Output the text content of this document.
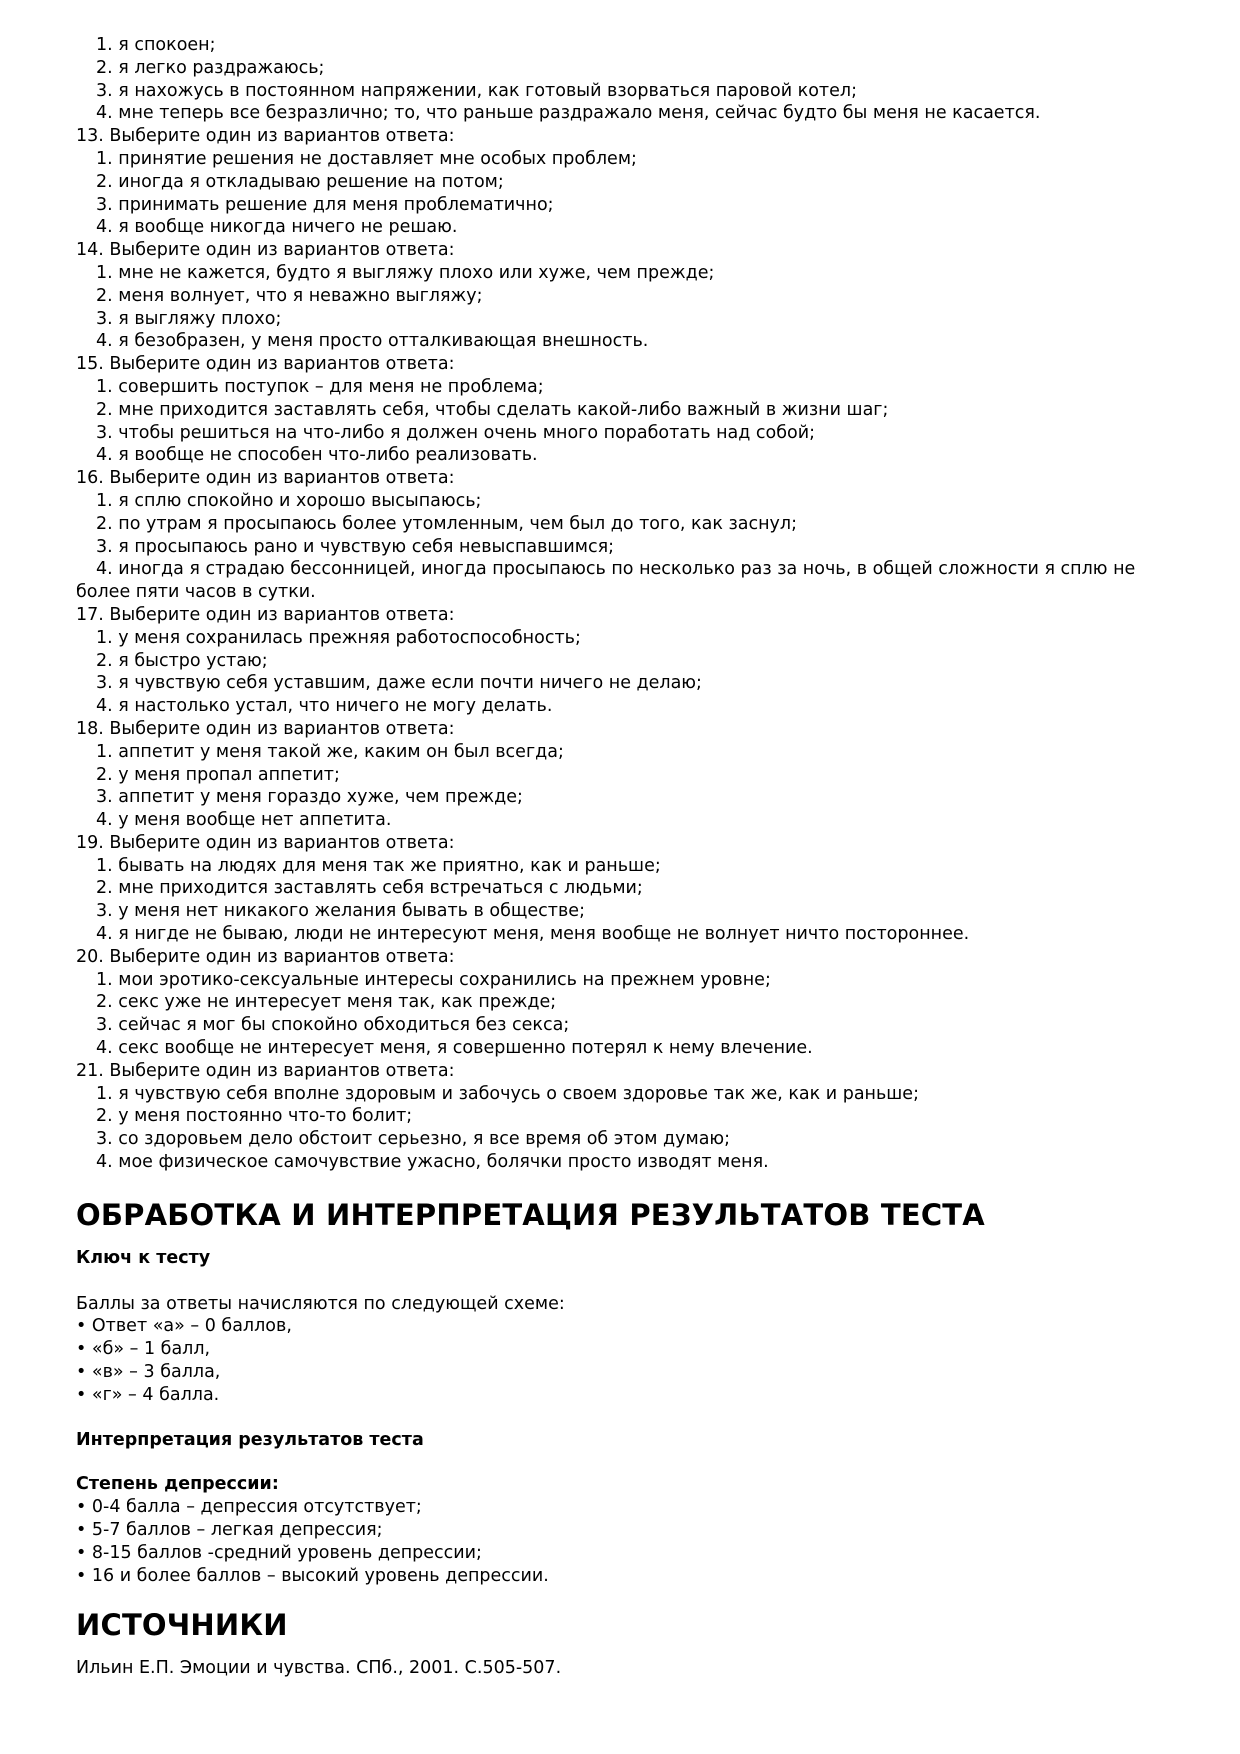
1. я спокоен;
2. я легко раздражаюсь;
3. я нахожусь в постоянном напряжении, как готовый взорваться паровой котел;
4. мне теперь все безразлично; то, что раньше раздражало меня, сейчас будто бы меня не касается.
13. Выберите один из вариантов ответа:
1. принятие решения не доставляет мне особых проблем;
2. иногда я откладываю решение на потом;
3. принимать решение для меня проблематично;
4. я вообще никогда ничего не решаю.
14. Выберите один из вариантов ответа:
1. мне не кажется, будто я выгляжу плохо или хуже, чем прежде;
2. меня волнует, что я неважно выгляжу;
3. я выгляжу плохо;
4. я безобразен, у меня просто отталкивающая внешность.
15. Выберите один из вариантов ответа:
1. совершить поступок – для меня не проблема;
2. мне приходится заставлять себя, чтобы сделать какой-либо важный в жизни шаг;
3. чтобы решиться на что-либо я должен очень много поработать над собой;
4. я вообще не способен что-либо реализовать.
16. Выберите один из вариантов ответа:
1. я сплю спокойно и хорошо высыпаюсь;
2. по утрам я просыпаюсь более утомленным, чем был до того, как заснул;
3. я просыпаюсь рано и чувствую себя невыспавшимся;
4. иногда я страдаю бессонницей, иногда просыпаюсь по несколько раз за ночь, в общей сложности я сплю не
более пяти часов в сутки.
17. Выберите один из вариантов ответа:
1. у меня сохранилась прежняя работоспособность;
2. я быстро устаю;
3. я чувствую себя уставшим, даже если почти ничего не делаю;
4. я настолько устал, что ничего не могу делать.
18. Выберите один из вариантов ответа:
1. аппетит у меня такой же, каким он был всегда;
2. у меня пропал аппетит;
3. аппетит у меня гораздо хуже, чем прежде;
4. у меня вообще нет аппетита.
19. Выберите один из вариантов ответа:
1. бывать на людях для меня так же приятно, как и раньше;
2. мне приходится заставлять себя встречаться с людьми;
3. у меня нет никакого желания бывать в обществе;
4. я нигде не бываю, люди не интересуют меня, меня вообще не волнует ничто постороннее.
20. Выберите один из вариантов ответа:
1. мои эротико-сексуальные интересы сохранились на прежнем уровне;
2. секс уже не интересует меня так, как прежде;
3. сейчас я мог бы спокойно обходиться без секса;
4. секс вообще не интересует меня, я совершенно потерял к нему влечение.
21. Выберите один из вариантов ответа:
1. я чувствую себя вполне здоровым и забочусь о своем здоровье так же, как и раньше;
2. у меня постоянно что-то болит;
3. со здоровьем дело обстоит серьезно, я все время об этом думаю;
4. мое физическое самочувствие ужасно, болячки просто изводят меня.
ОБРАБОТКА И ИНТЕРПРЕТАЦИЯ РЕЗУЛЬТАТОВ ТЕСТА
Ключ к тесту
Баллы за ответы начисляются по следующей схеме:
• Ответ «а» – 0 баллов,
• «б» – 1 балл,
• «в» – 3 балла,
• «г» – 4 балла.
Интерпретация результатов теста
Степень депрессии:
• 0-4 балла – депрессия отсутствует;
• 5-7 баллов – легкая депрессия;
• 8-15 баллов -средний уровень депрессии;
• 16 и более баллов – высокий уровень депрессии.
ИСТОЧНИКИ
Ильин Е.П. Эмоции и чувства. СПб., 2001. С.505-507.
